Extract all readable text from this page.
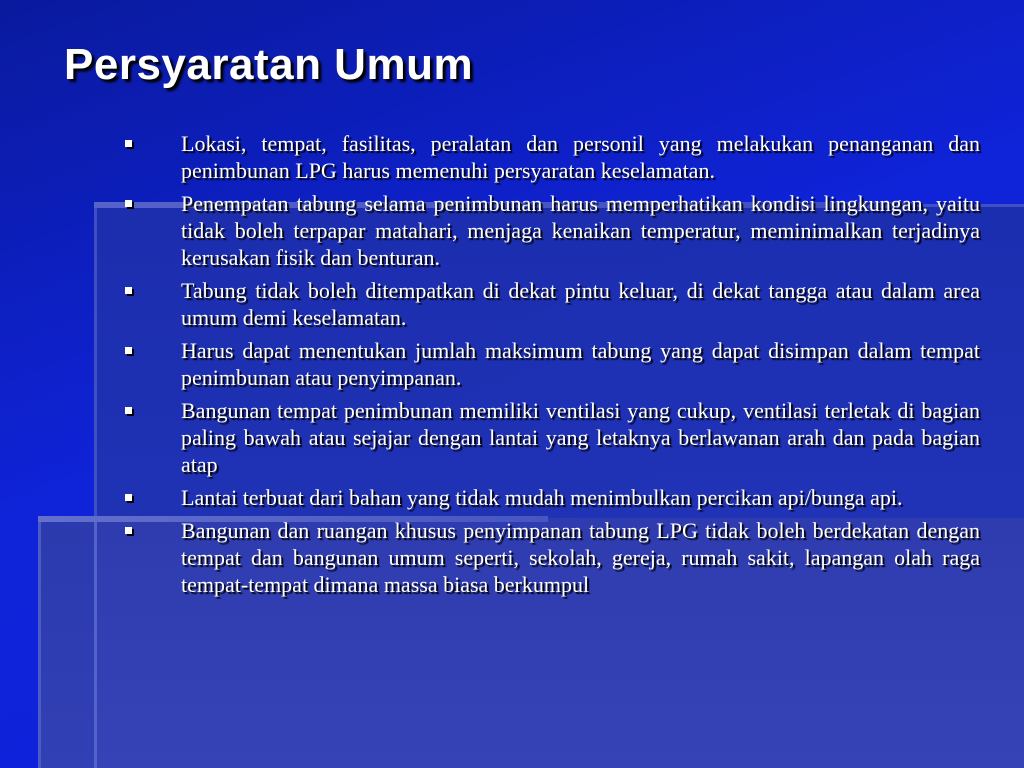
Persyaratan Umum
Lokasi, tempat, fasilitas, peralatan dan personil yang melakukan penanganan dan penimbunan LPG harus memenuhi persyaratan keselamatan.
Penempatan tabung selama penimbunan harus memperhatikan kondisi lingkungan, yaitu tidak boleh terpapar matahari, menjaga kenaikan temperatur, meminimalkan terjadinya kerusakan fisik dan benturan.
Tabung tidak boleh ditempatkan di dekat pintu keluar, di dekat tangga atau dalam area umum demi keselamatan.
Harus dapat menentukan jumlah maksimum tabung yang dapat disimpan dalam tempat penimbunan atau penyimpanan.
Bangunan tempat penimbunan memiliki ventilasi yang cukup, ventilasi terletak di bagian paling bawah atau sejajar dengan lantai yang letaknya berlawanan arah dan pada bagian atap
Lantai terbuat dari bahan yang tidak mudah menimbulkan percikan api/bunga api.
Bangunan dan ruangan khusus penyimpanan tabung LPG tidak boleh berdekatan dengan tempat dan bangunan umum seperti, sekolah, gereja, rumah sakit, lapangan olah raga tempat-tempat dimana massa biasa berkumpul
